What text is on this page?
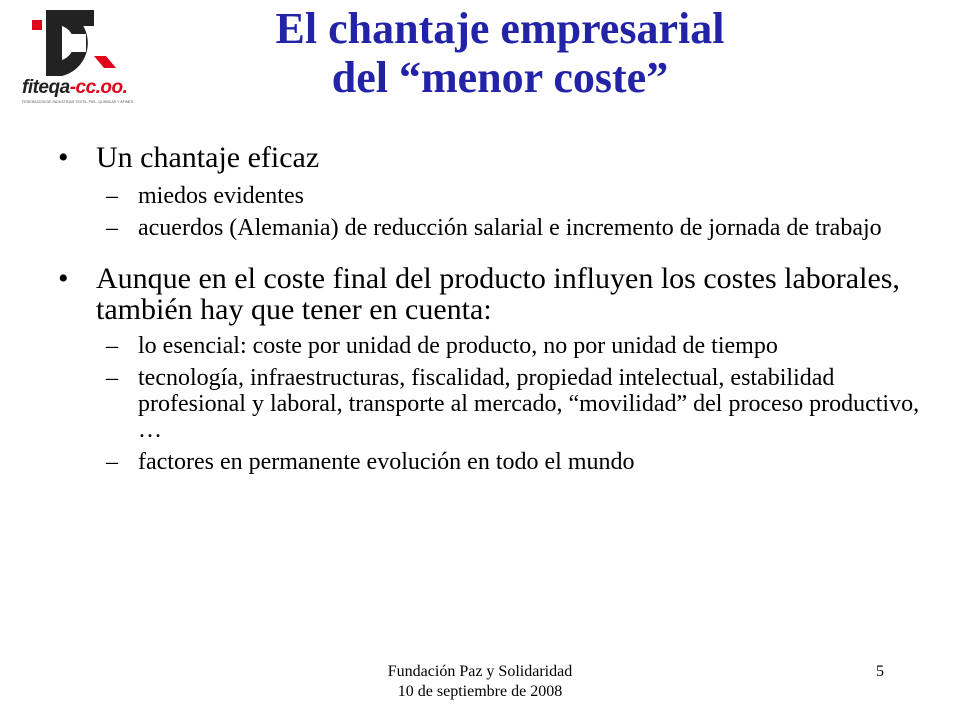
fiteqa-cc.oo.
FEDERACIÓN DE INDUSTRIAS TEXTIL-PIEL, QUÍMICAS Y AFINES
El chantaje empresarial
del “menor coste”
• Un chantaje eficaz
– miedos evidentes
– acuerdos (Alemania) de reducción salarial e incremento de jornada de trabajo
• Aunque en el coste final del producto influyen los costes laborales, también hay que tener en cuenta:
– lo esencial: coste por unidad de producto, no por unidad de tiempo
– tecnología, infraestructuras, fiscalidad, propiedad intelectual, estabilidad profesional y laboral, transporte al mercado, “movilidad” del proceso productivo, …
– factores en permanente evolución en todo el mundo
Fundación Paz y Solidaridad
10 de septiembre de 2008
5
